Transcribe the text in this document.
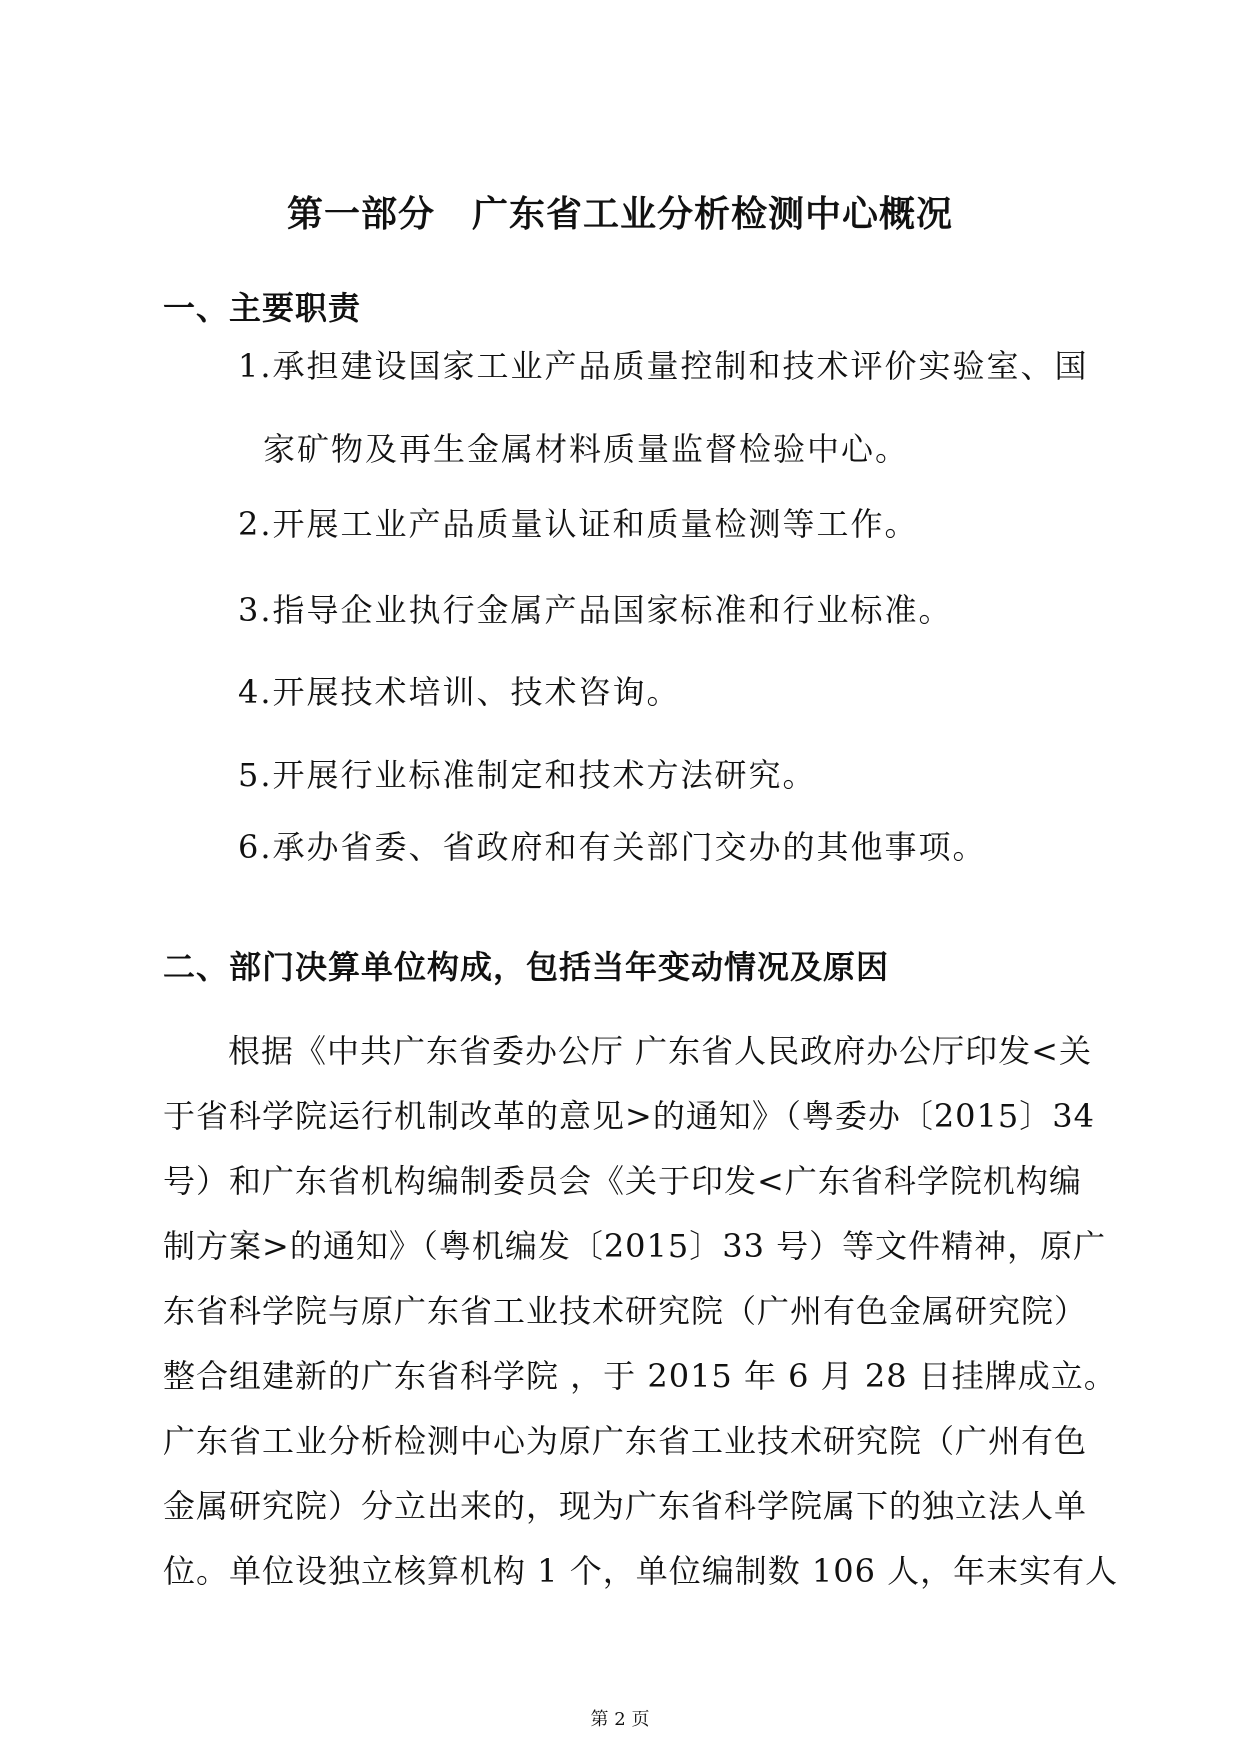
第一部分　广东省工业分析检测中心概况
一、主要职责
1.承担建设国家工业产品质量控制和技术评价实验室、国
家矿物及再生金属材料质量监督检验中心。
2.开展工业产品质量认证和质量检测等工作。
3.指导企业执行金属产品国家标准和行业标准。
4.开展技术培训、技术咨询。
5.开展行业标准制定和技术方法研究。
6.承办省委、省政府和有关部门交办的其他事项。
二、部门决算单位构成，包括当年变动情况及原因
根据《中共广东省委办公厅 广东省人民政府办公厅印发<关
于省科学院运行机制改革的意见>的通知》（粤委办〔2015〕34
号）和广东省机构编制委员会《关于印发<广东省科学院机构编
制方案>的通知》（粤机编发〔2015〕33 号）等文件精神，原广
东省科学院与原广东省工业技术研究院（广州有色金属研究院）
整合组建新的广东省科学院 ，于 2015 年 6 月 28 日挂牌成立。
广东省工业分析检测中心为原广东省工业技术研究院（广州有色
金属研究院）分立出来的，现为广东省科学院属下的独立法人单
位。单位设独立核算机构 1 个，单位编制数 106 人，年末实有人
第 2 页
